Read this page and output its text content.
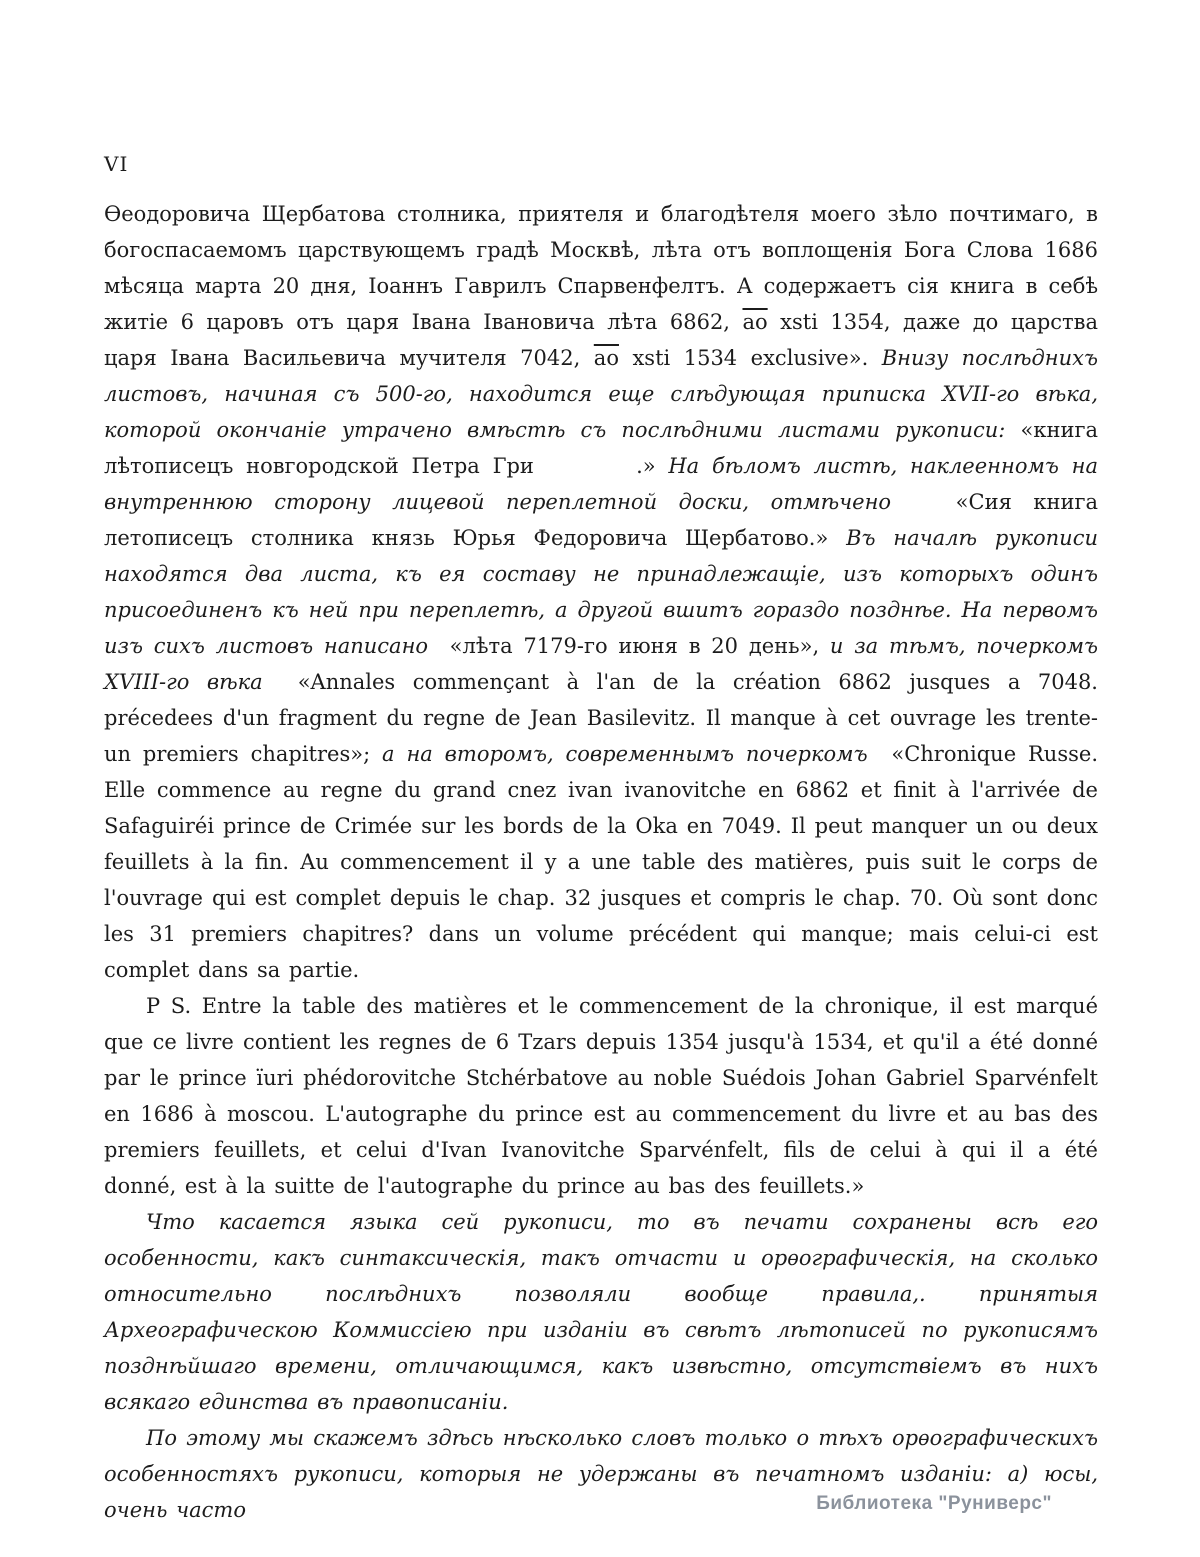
VI

Ѳеодоровича Щербатова столника, приятеля и благодѣтеля моего зѣло почтимаго, в богоспасаемомъ царствующемъ градѣ Москвѣ, лѣта отъ воплощенія Бога Слова 1686 мѣсяца марта 20 дня, Іоаннъ Гаврилъ Спарвенфелтъ. А содержаетъ сія книга в себѣ житіе 6 царовъ отъ царя Івана Івановича лѣта 6862, ао xsti 1354, даже до царства царя Івана Васильевича мучителя 7042, ао xsti 1534 exclusive». Внизу послѣднихъ листовъ, начиная съ 500-го, находится еще слѣдующая приписка XVII-го вѣка, которой окончаніе утрачено вмѣстѣ съ послѣдними листами рукописи: «книга лѣтописецъ новгородской Петра Гри        .» На бѣломъ листѣ, наклеенномъ на внутреннюю сторону лицевой переплетной доски, отмѣчено   «Сия книга летописецъ столника князь Юрья Федоровича Щербатово.» Въ началѣ рукописи находятся два листа, къ ея составу не принадлежащіе, изъ которыхъ одинъ присоединенъ къ ней при переплетѣ, а другой вшитъ гораздо позднѣе. На первомъ изъ сихъ листовъ написано  «лѣта 7179-го июня в 20 день», и за тѣмъ, почеркомъ XVIII-го вѣка  «Annales commençant à l'an de la création 6862 jusques a 7048. précedees d'un fragment du regne de Jean Basilevitz. Il manque à cet ouvrage les trente-un premiers chapitres»; а на второмъ, современнымъ почеркомъ  «Chronique Russe. Elle commence au regne du grand cnez ivan ivanovitche en 6862 et finit à l'arrivée de Safaguiréi prince de Crimée sur les bords de la Oka en 7049. Il peut manquer un ou deux feuillets à la fin. Au commencement il y a une table des matières, puis suit le corps de l'ouvrage qui est complet depuis le chap. 32 jusques et compris le chap. 70. Où sont donc les 31 premiers chapitres? dans un volume précédent qui manque; mais celui-ci est complet dans sa partie.

P S. Entre la table des matières et le commencement de la chronique, il est marqué que ce livre contient les regnes de 6 Tzars depuis 1354 jusqu'à 1534, et qu'il a été donné par le prince ïuri phédorovitche Stchérbatove au noble Suédois Johan Gabriel Sparvénfelt en 1686 à moscou. L'autographe du prince est au commencement du livre et au bas des premiers feuillets, et celui d'Ivan Ivanovitche Sparvénfelt, fils de celui à qui il a été donné, est à la suitte de l'autographe du prince au bas des feuillets.»

Что касается языка сей рукописи, то въ печати сохранены всѣ его особенности, какъ синтаксическія, такъ отчасти и орѳографическія, на сколько относительно послѣднихъ позволяли вообще правила,. принятыя Археографическою Коммиссіею при изданіи въ свѣтъ лѣтописей по рукописямъ позднѣйшаго времени, отличающимся, какъ извѣстно, отсутствіемъ въ нихъ всякаго единства въ правописаніи.

По этому мы скажемъ здѣсь нѣсколько словъ только о тѣхъ орѳографическихъ особенностяхъ рукописи, которыя не удержаны въ печатномъ изданіи: а) юсы, очень часто	Библиотека "Руниверс"
